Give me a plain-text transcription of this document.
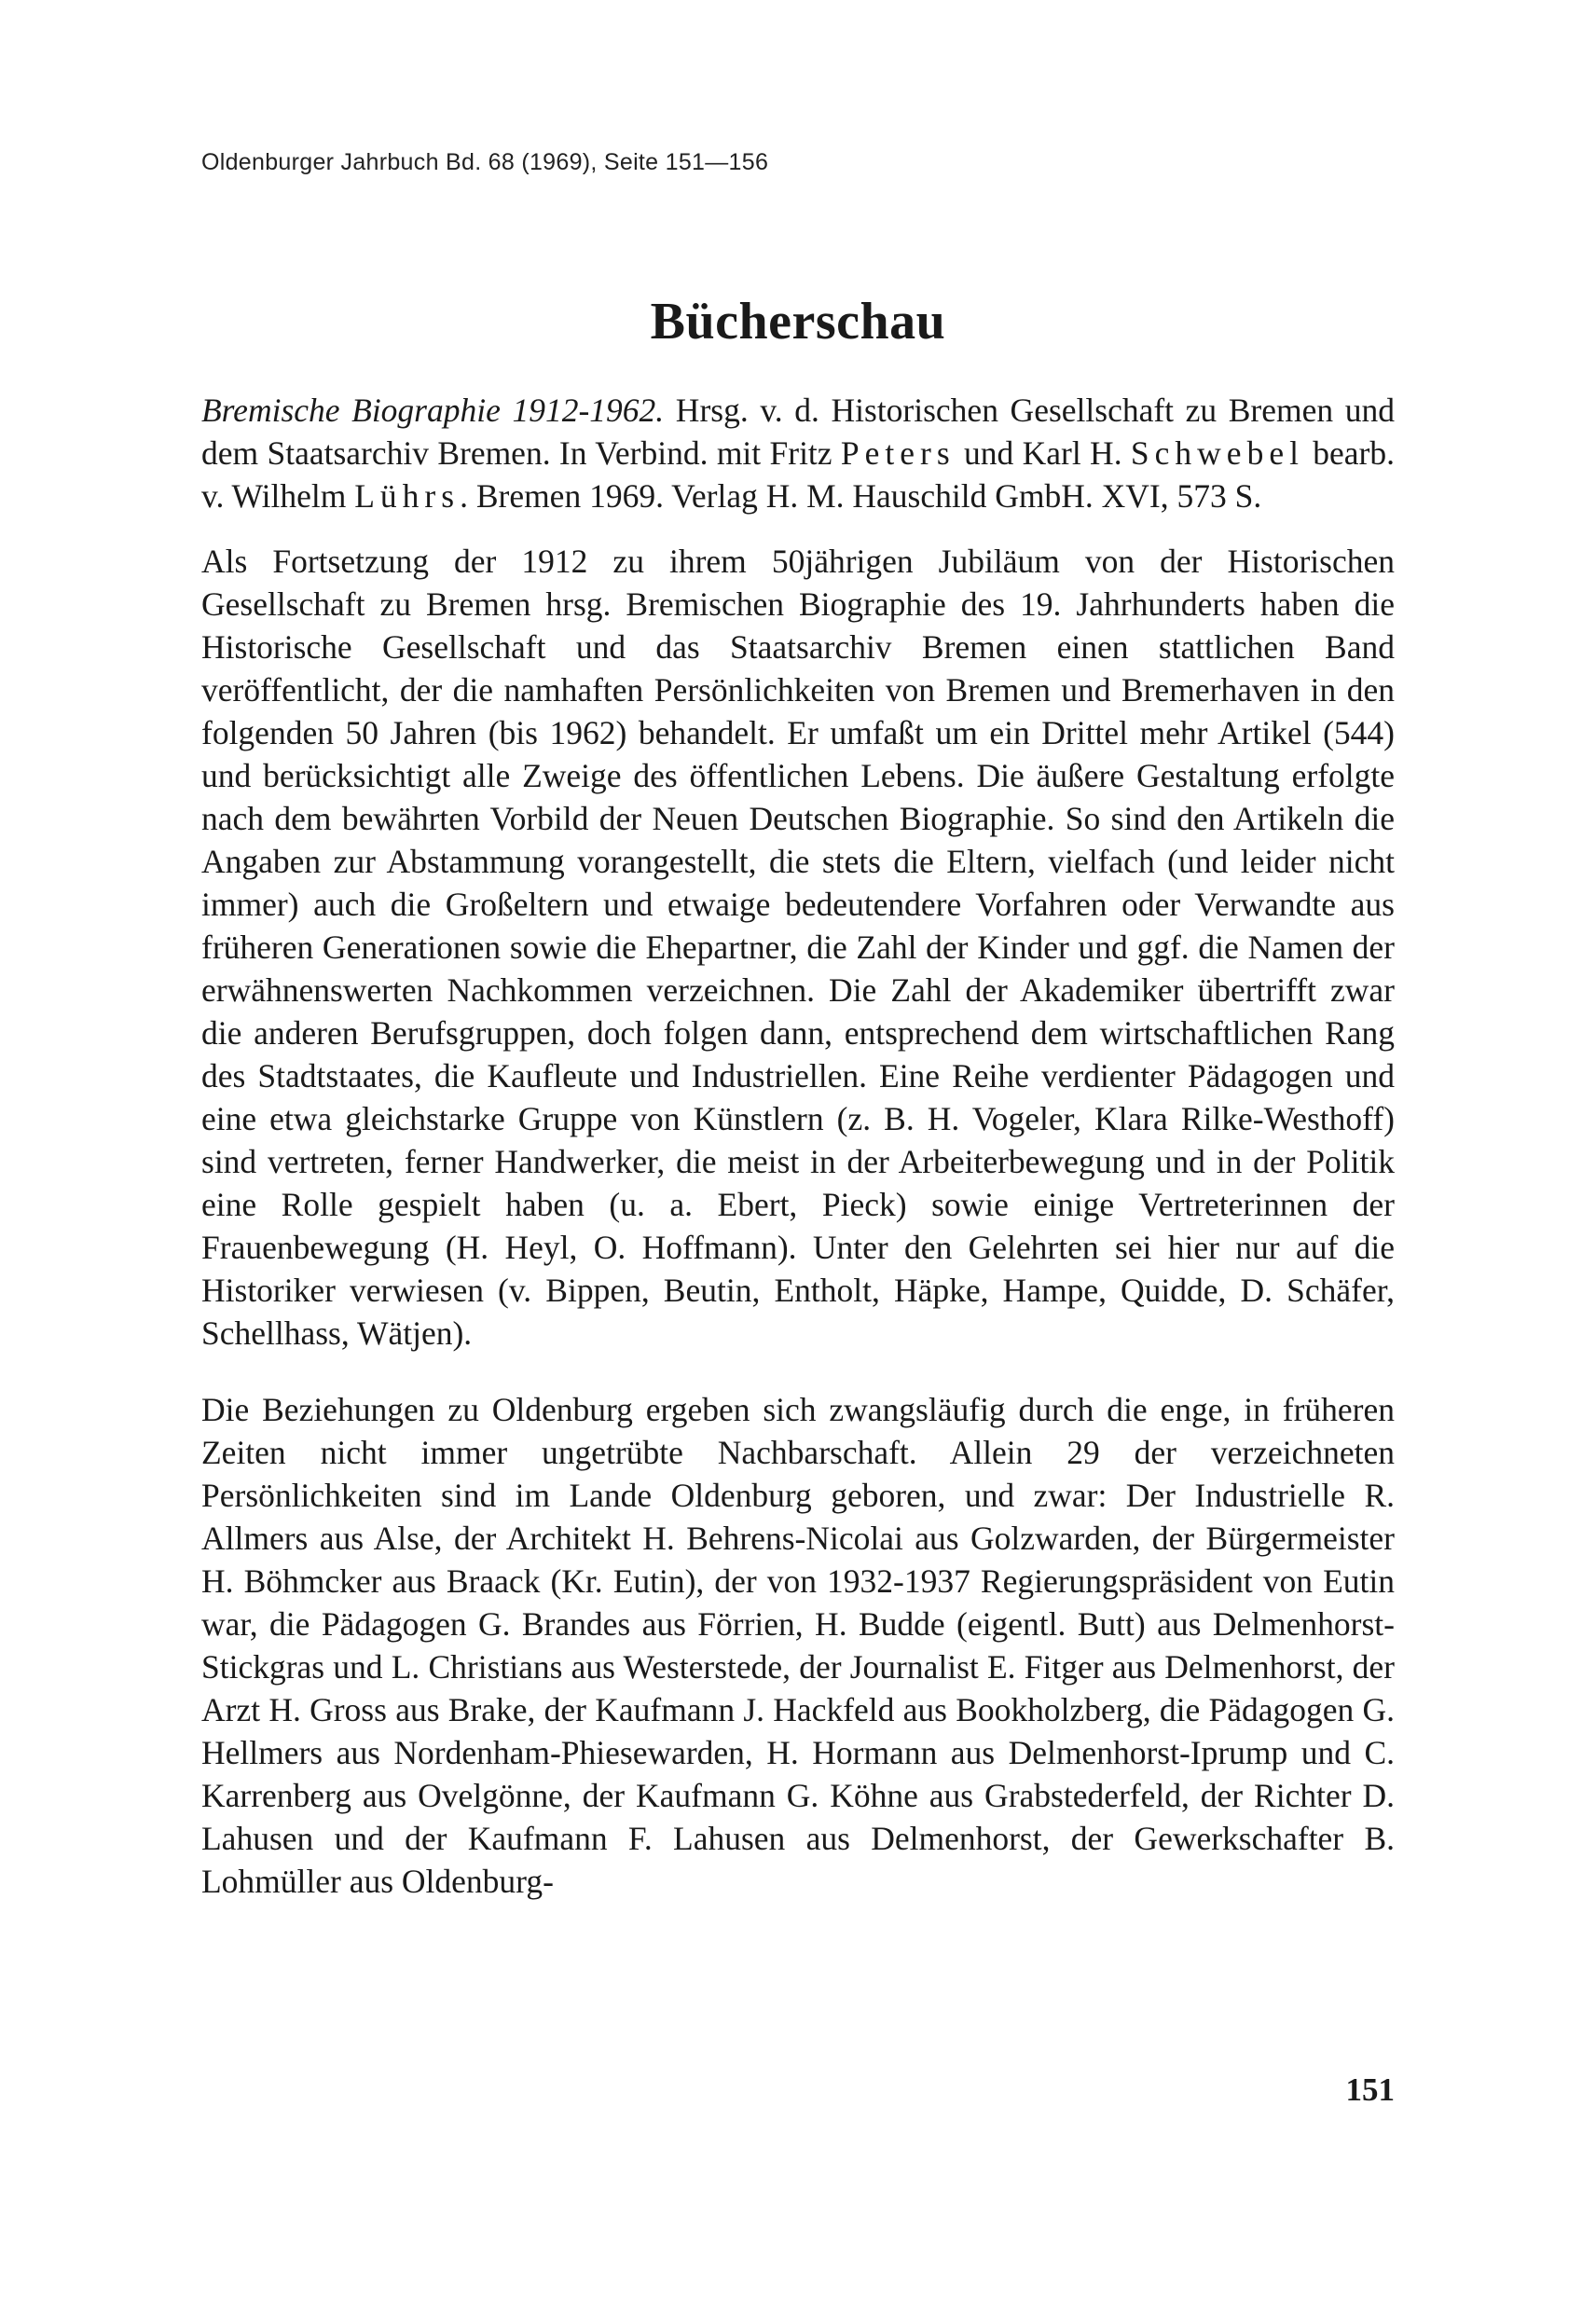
Oldenburger Jahrbuch Bd. 68 (1969), Seite 151—156
Bücherschau
Bremische Biographie 1912-1962. Hrsg. v. d. Historischen Gesellschaft zu Bremen und dem Staatsarchiv Bremen. In Verbind. mit Fritz Peters und Karl H. Schwebel bearb. v. Wilhelm Lührs. Bremen 1969. Verlag H. M. Hauschild GmbH. XVI, 573 S.

Als Fortsetzung der 1912 zu ihrem 50jährigen Jubiläum von der Historischen Gesellschaft zu Bremen hrsg. Bremischen Biographie des 19. Jahrhunderts haben die Historische Gesellschaft und das Staatsarchiv Bremen einen stattlichen Band veröffentlicht, der die namhaften Persönlichkeiten von Bremen und Bremerhaven in den folgenden 50 Jahren (bis 1962) behandelt. Er umfaßt um ein Drittel mehr Artikel (544) und berücksichtigt alle Zweige des öffentlichen Lebens. Die äußere Gestaltung erfolgte nach dem bewährten Vorbild der Neuen Deutschen Biographie. So sind den Artikeln die Angaben zur Abstammung vorangestellt, die stets die Eltern, vielfach (und leider nicht immer) auch die Großeltern und etwaige bedeutendere Vorfahren oder Verwandte aus früheren Generationen sowie die Ehepartner, die Zahl der Kinder und ggf. die Namen der erwähnenswerten Nachkommen verzeichnen. Die Zahl der Akademiker übertrifft zwar die anderen Berufsgruppen, doch folgen dann, entsprechend dem wirtschaftlichen Rang des Stadtstaates, die Kaufleute und Industriellen. Eine Reihe verdienter Pädagogen und eine etwa gleichstarke Gruppe von Künstlern (z. B. H. Vogeler, Klara Rilke-Westhoff) sind vertreten, ferner Handwerker, die meist in der Arbeiterbewegung und in der Politik eine Rolle gespielt haben (u. a. Ebert, Pieck) sowie einige Vertreterinnen der Frauenbewegung (H. Heyl, O. Hoffmann). Unter den Gelehrten sei hier nur auf die Historiker verwiesen (v. Bippen, Beutin, Entholt, Häpke, Hampe, Quidde, D. Schäfer, Schellhass, Wätjen).

Die Beziehungen zu Oldenburg ergeben sich zwangsläufig durch die enge, in früheren Zeiten nicht immer ungetrübte Nachbarschaft. Allein 29 der verzeichneten Persönlichkeiten sind im Lande Oldenburg geboren, und zwar: Der Industrielle R. Allmers aus Alse, der Architekt H. Behrens-Nicolai aus Golzwarden, der Bürgermeister H. Böhmcker aus Braack (Kr. Eutin), der von 1932-1937 Regierungspräsident von Eutin war, die Pädagogen G. Brandes aus Förrien, H. Budde (eigentl. Butt) aus Delmenhorst-Stickgras und L. Christians aus Westerstede, der Journalist E. Fitger aus Delmenhorst, der Arzt H. Gross aus Brake, der Kaufmann J. Hackfeld aus Bookholzberg, die Pädagogen G. Hellmers aus Nordenham-Phiesewarden, H. Hormann aus Delmenhorst-Iprump und C. Karrenberg aus Ovelgönne, der Kaufmann G. Köhne aus Grabstederfeld, der Richter D. Lahusen und der Kaufmann F. Lahusen aus Delmenhorst, der Gewerkschafter B. Lohmüller aus Oldenburg-

151
